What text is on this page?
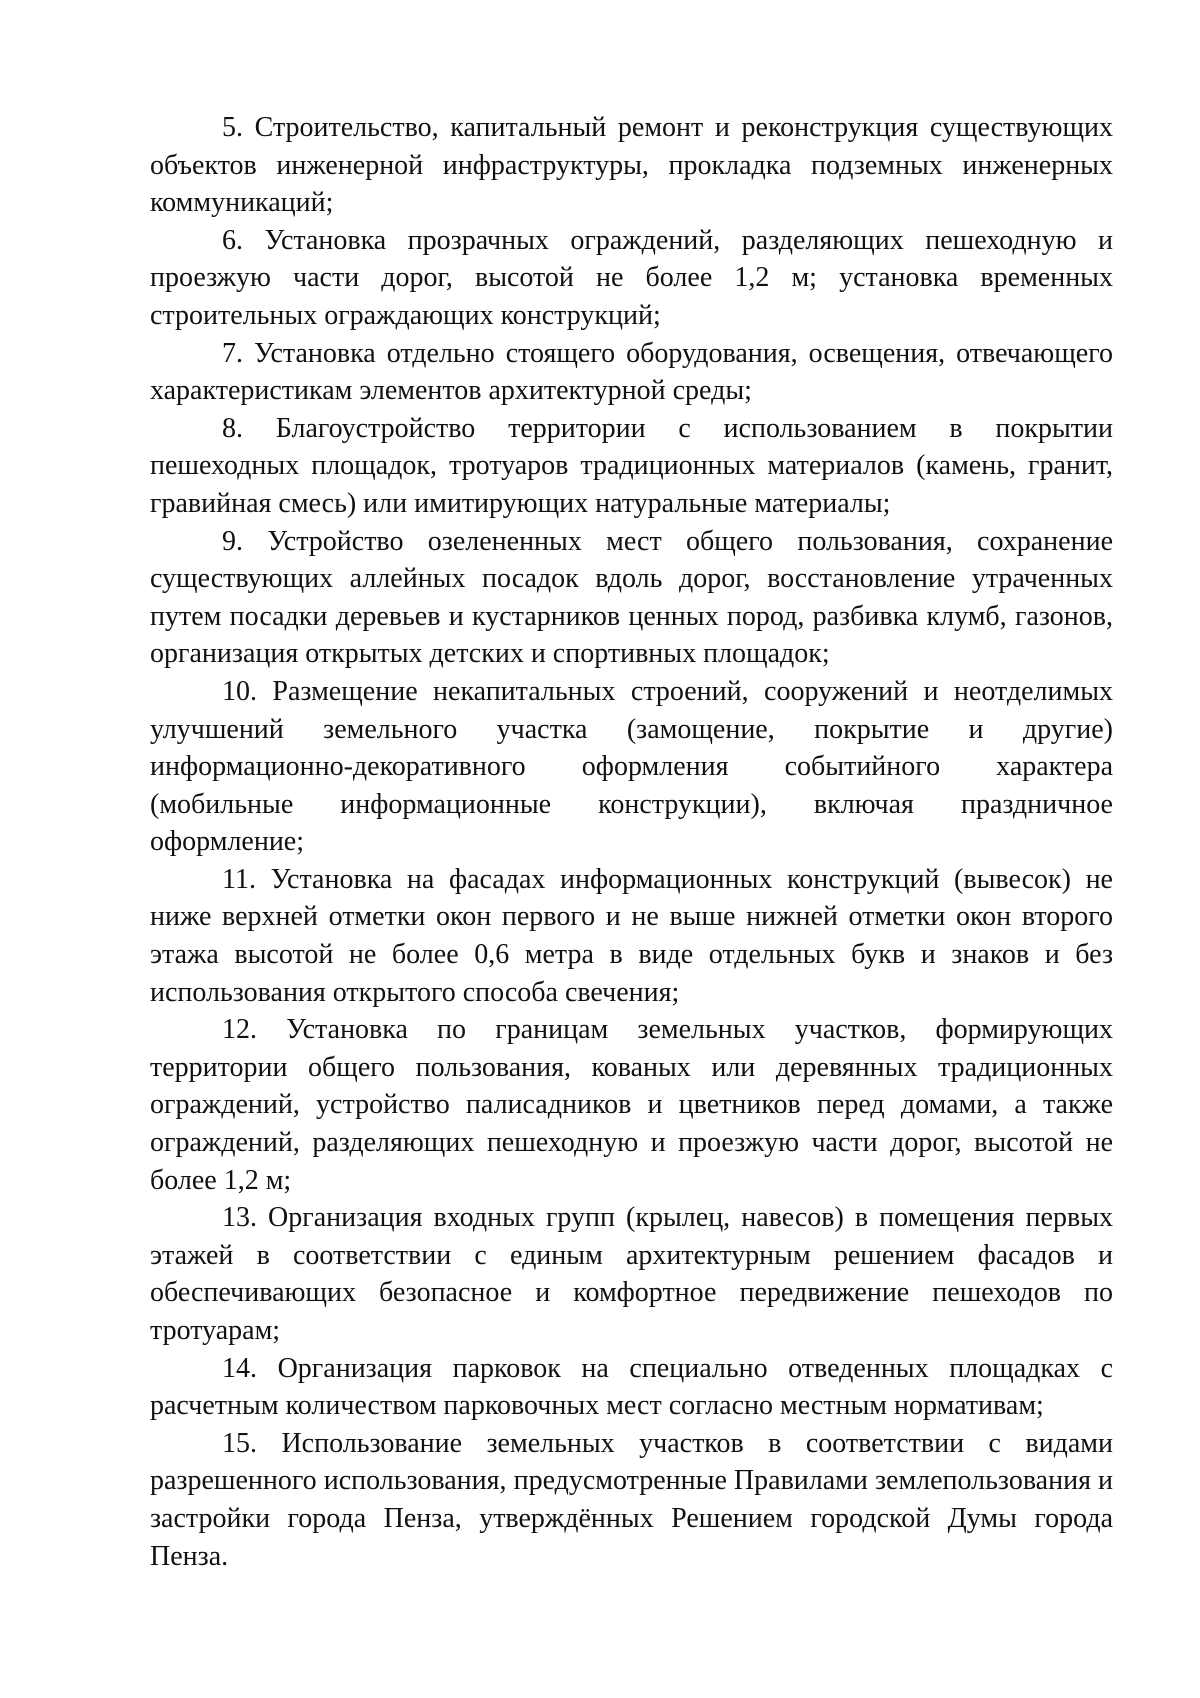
5. Строительство, капитальный ремонт и реконструкция существующих объектов инженерной инфраструктуры, прокладка подземных инженерных коммуникаций;

6. Установка прозрачных ограждений, разделяющих пешеходную и проезжую части дорог, высотой не более 1,2 м; установка временных строительных ограждающих конструкций;

7. Установка отдельно стоящего оборудования, освещения, отвечающего характеристикам элементов архитектурной среды;

8. Благоустройство территории с использованием в покрытии пешеходных площадок, тротуаров традиционных материалов (камень, гранит, гравийная смесь) или имитирующих натуральные материалы;

9. Устройство озелененных мест общего пользования, сохранение существующих аллейных посадок вдоль дорог, восстановление утраченных путем посадки деревьев и кустарников ценных пород, разбивка клумб, газонов, организация открытых детских и спортивных площадок;

10. Размещение некапитальных строений, сооружений и неотделимых улучшений земельного участка (замощение, покрытие и другие) информационно-декоративного оформления событийного характера (мобильные информационные конструкции), включая праздничное оформление;

11. Установка на фасадах информационных конструкций (вывесок) не ниже верхней отметки окон первого и не выше нижней отметки окон второго этажа высотой не более 0,6 метра в виде отдельных букв и знаков и без использования открытого способа свечения;

12. Установка по границам земельных участков, формирующих территории общего пользования, кованых или деревянных традиционных ограждений, устройство палисадников и цветников перед домами, а также ограждений, разделяющих пешеходную и проезжую части дорог, высотой не более 1,2 м;

13. Организация входных групп (крылец, навесов) в помещения первых этажей в соответствии с единым архитектурным решением фасадов и обеспечивающих безопасное и комфортное передвижение пешеходов по тротуарам;

14. Организация парковок на специально отведенных площадках с расчетным количеством парковочных мест согласно местным нормативам;

15. Использование земельных участков в соответствии с видами разрешенного использования, предусмотренные Правилами землепользования и застройки города Пенза, утверждённых Решением городской Думы города Пенза.
